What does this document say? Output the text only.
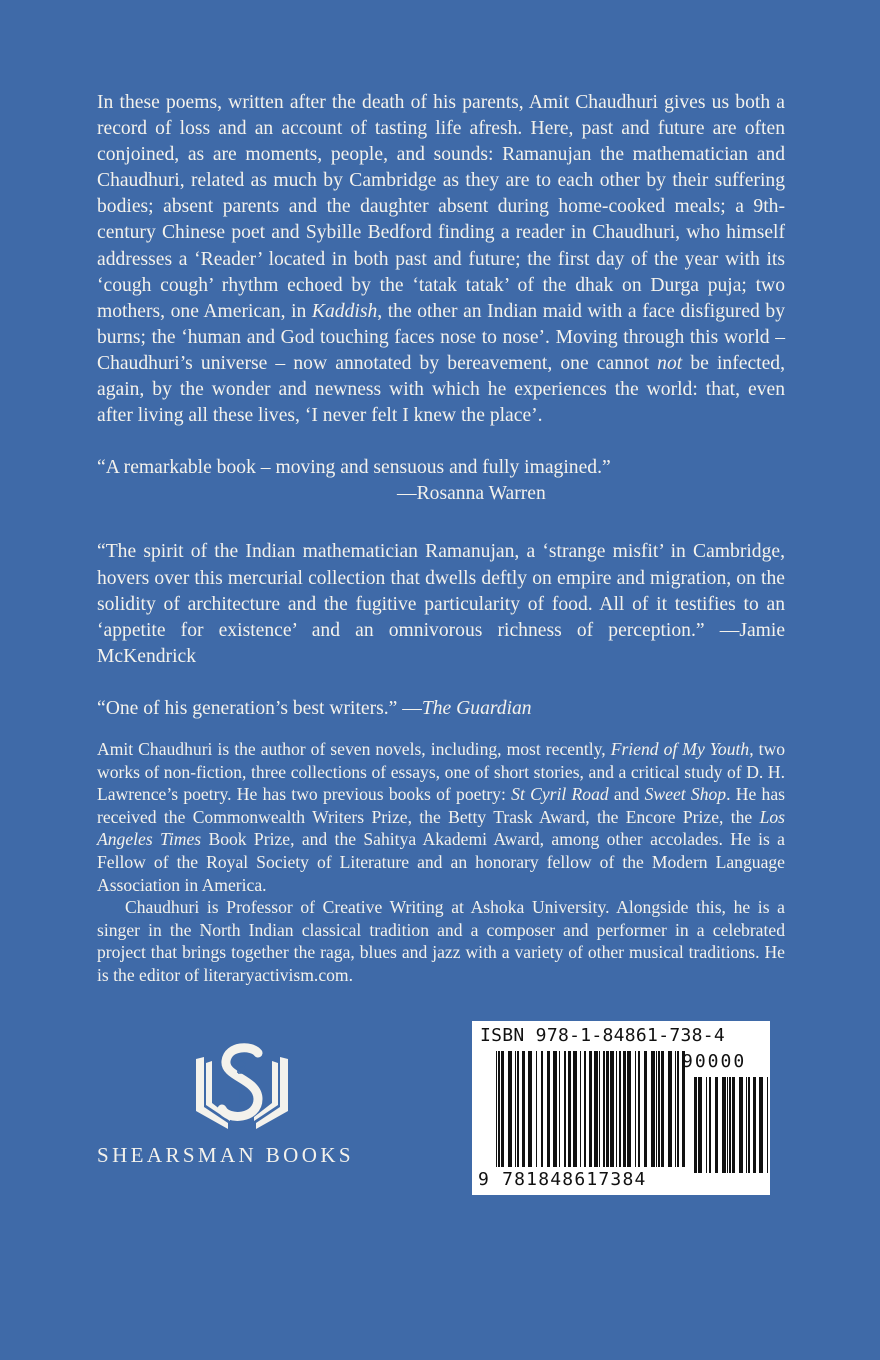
In these poems, written after the death of his parents, Amit Chaudhuri gives us both a record of loss and an account of tasting life afresh. Here, past and future are often conjoined, as are moments, people, and sounds: Ramanujan the mathematician and Chaudhuri, related as much by Cambridge as they are to each other by their suffering bodies; absent parents and the daughter absent during home-cooked meals; a 9th-century Chinese poet and Sybille Bedford finding a reader in Chaudhuri, who himself addresses a ‘Reader’ located in both past and future; the first day of the year with its ‘cough cough’ rhythm echoed by the ‘tatak tatak’ of the dhak on Durga puja; two mothers, one American, in Kaddish, the other an Indian maid with a face disfigured by burns; the ‘human and God touching faces nose to nose’. Moving through this world – Chaudhuri’s universe – now annotated by bereavement, one cannot not be infected, again, by the wonder and newness with which he experiences the world: that, even after living all these lives, ‘I never felt I knew the place’.

“A remarkable book – moving and sensuous and fully imagined.”

—Rosanna Warren

“The spirit of the Indian mathematician Ramanujan, a ‘strange misfit’ in Cambridge, hovers over this mercurial collection that dwells deftly on empire and migration, on the solidity of architecture and the fugitive particularity of food. All of it testifies to an ‘appetite for existence’ and an omnivorous richness of perception.” —Jamie McKendrick

“One of his generation’s best writers.” —The Guardian

Amit Chaudhuri is the author of seven novels, including, most recently, Friend of My Youth, two works of non-fiction, three collections of essays, one of short stories, and a critical study of D. H. Lawrence’s poetry. He has two previous books of poetry: St Cyril Road and Sweet Shop. He has received the Commonwealth Writers Prize, the Betty Trask Award, the Encore Prize, the Los Angeles Times Book Prize, and the Sahitya Akademi Award, among other accolades. He is a Fellow of the Royal Society of Literature and an honorary fellow of the Modern Language Association in America.

Chaudhuri is Professor of Creative Writing at Ashoka University. Alongside this, he is a singer in the North Indian classical tradition and a composer and performer in a celebrated project that brings together the raga, blues and jazz with a variety of other musical traditions. He is the editor of literaryactivism.com.

SHEARSMAN BOOKS
ISBN 978-1-84861-738-4
90000
9 781848617384
